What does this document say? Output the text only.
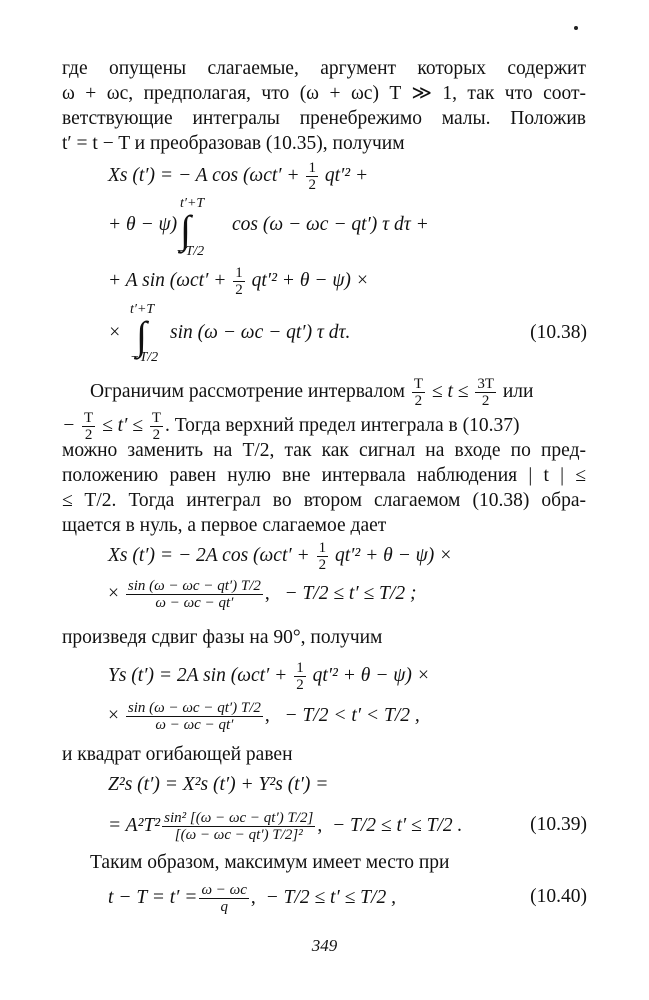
где опущены слагаемые, аргумент которых содержит
ω + ωc, предполагая, что (ω + ωc) T ≫ 1, так что соот-
ветствующие интегралы пренебрежимо малы. Положив
t′ = t − T и преобразовав (10.35), получим
Xs (t′) = − A $\cos (\omega ct' + \frac{1}{2} qt'^2$ +
t′+T
∫
−T/2
+ θ − ψ)	cos (ω − ωc − qt′) τ dτ +
+ A $\sin (\omega ct' + \frac{1}{2} qt'^2 + \theta - \psi)$ ×
t′+T
∫
−T/2
×	sin (ω − ωc − qt′) τ dτ.	(10.38)
Ограничим рассмотрение интервалом $\frac{T}{2} \le t \le \frac{3T}{2}$ или
− $\frac{T}{2} \le t' \le \frac{T}{2}$ . Тогда верхний предел интеграла в (10.37)
можно заменить на T/2, так как сигнал на входе по пред-
положению равен нулю вне интервала наблюдения | t | ≤
≤ T/2. Тогда интеграл во втором слагаемом (10.38) обра-
щается в нуль, а первое слагаемое дает
Xs (t′) = − 2A $\cos (\omega ct' + \frac{1}{2} qt'^2 + \theta - \psi)$ ×
× $\frac{\sin (\omega - \omega c - qt') T/2}{\omega - \omega c - qt'}$ ,   − T/2 ≤ t′ ≤ T/2 ;
произведя сдвиг фазы на 90°, получим
Ys (t′) = 2A $\sin (\omega ct' + \frac{1}{2} qt'^2 + \theta - \psi)$ ×
× $\frac{\sin (\omega - \omega c - qt') T/2}{\omega - \omega c - qt'}$ ,   − T/2 < t′ < T/2 ,
и квадрат огибающей равен
Z²s (t′) = X²s (t′) + Y²s (t′) =
= $A^2T^2 \frac{\text{sin² [(ω − ωc − qt′) T/2]}}{\text{[(ω − ωc − qt′) T/2]²}}$ ,  − T/2 ≤ t′ ≤ T/2 .	(10.39)
Таким образом, максимум имеет место при
$t - T = t' = \frac{\omega - \omega c}{q}$ ,  − T/2 ≤ t′ ≤ T/2 ,	(10.40)
349
